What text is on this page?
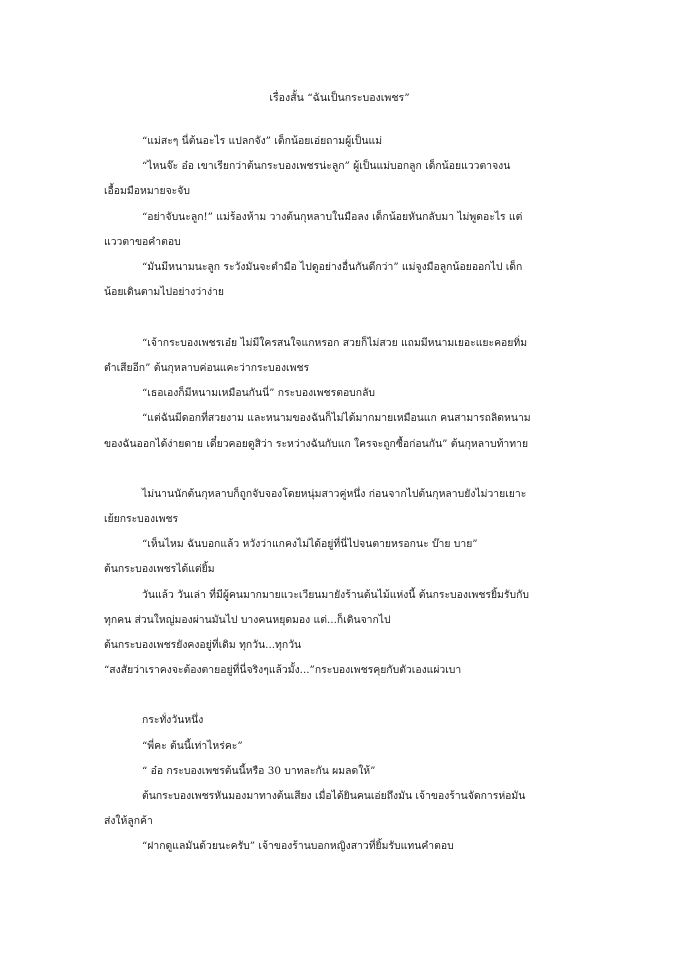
เรื่องสั้น “ฉันเป็นกระบองเพชร”
“แม่สะๆ นี่ต้นอะไร แปลกจัง” เด็กน้อยเอ่ยถามผู้เป็นแม่
“ไหนจ๊ะ อ๋อ เขาเรียกว่าต้นกระบองเพชรน่ะลูก” ผู้เป็นแม่บอกลูก เด็กน้อยแววตาจงน
เอื้อมมือหมายจะจับ
“อย่าจับนะลูก!” แม่ร้องห้าม วางต้นกุหลาบในมือลง เด็กน้อยหันกลับมา ไม่พูดอะไร แต่
แววตาขอคำตอบ
“มันมีหนามนะลูก ระวังมันจะตำมือ ไปดูอย่างอื่นกันดีกว่า” แม่จูงมือลูกน้อยออกไป เด็ก
น้อยเดินตามไปอย่างว่าง่าย
“เจ้ากระบองเพชรเอ๋ย ไม่มีใครสนใจแกหรอก สวยก็ไม่สวย แถมมีหนามเยอะแยะคอยทิ่ม
ตำเสียอีก” ต้นกุหลาบค่อนแคะว่ากระบองเพชร
“เธอเองก็มีหนามเหมือนกันนี่” กระบองเพชรตอบกลับ
“แต่ฉันมีดอกที่สวยงาม และหนามของฉันก็ไม่ได้มากมายเหมือนแก คนสามารถลิดหนาม
ของฉันออกได้ง่ายดาย เดี๋ยวคอยดูสิว่า ระหว่างฉันกับแก ใครจะถูกซื้อก่อนกัน” ต้นกุหลาบท้าทาย
ไม่นานนักต้นกุหลาบก็ถูกจับจองโดยหนุ่มสาวคู่หนึ่ง ก่อนจากไปต้นกุหลาบยังไม่วายเยาะ
เย้ยกระบองเพชร
“เห็นไหม ฉันบอกแล้ว หวังว่าแกคงไม่ได้อยู่ที่นี่ไปจนตายหรอกนะ บ๊าย บาย”
ต้นกระบองเพชรได้แต่ยิ้ม
วันแล้ว วันเล่า ที่มีผู้คนมากมายแวะเวียนมายังร้านต้นไม้แห่งนี้ ต้นกระบองเพชรยิ้มรับกับ
ทุกคน ส่วนใหญ่มองผ่านมันไป บางคนหยุดมอง แต่...ก็เดินจากไป
ต้นกระบองเพชรยังคงอยู่ที่เดิม ทุกวัน...ทุกวัน
“สงสัยว่าเราคงจะต้องตายอยู่ที่นี่จริงๆแล้วมั้ง...”กระบองเพชรคุยกับตัวเองแผ่วเบา
กระทั่งวันหนึ่ง
“พี่คะ ต้นนี้เท่าไหร่คะ”
“ อ๋อ กระบองเพชรต้นนี้หรือ 30 บาทละกัน ผมลดให้”
ต้นกระบองเพชรหันมองมาทางต้นเสียง เมื่อได้ยินคนเอ่ยถึงมัน เจ้าของร้านจัดการห่อมัน
ส่งให้ลูกค้า
“ฝากดูแลมันด้วยนะครับ” เจ้าของร้านบอกหญิงสาวที่ยิ้มรับแทนคำตอบ
